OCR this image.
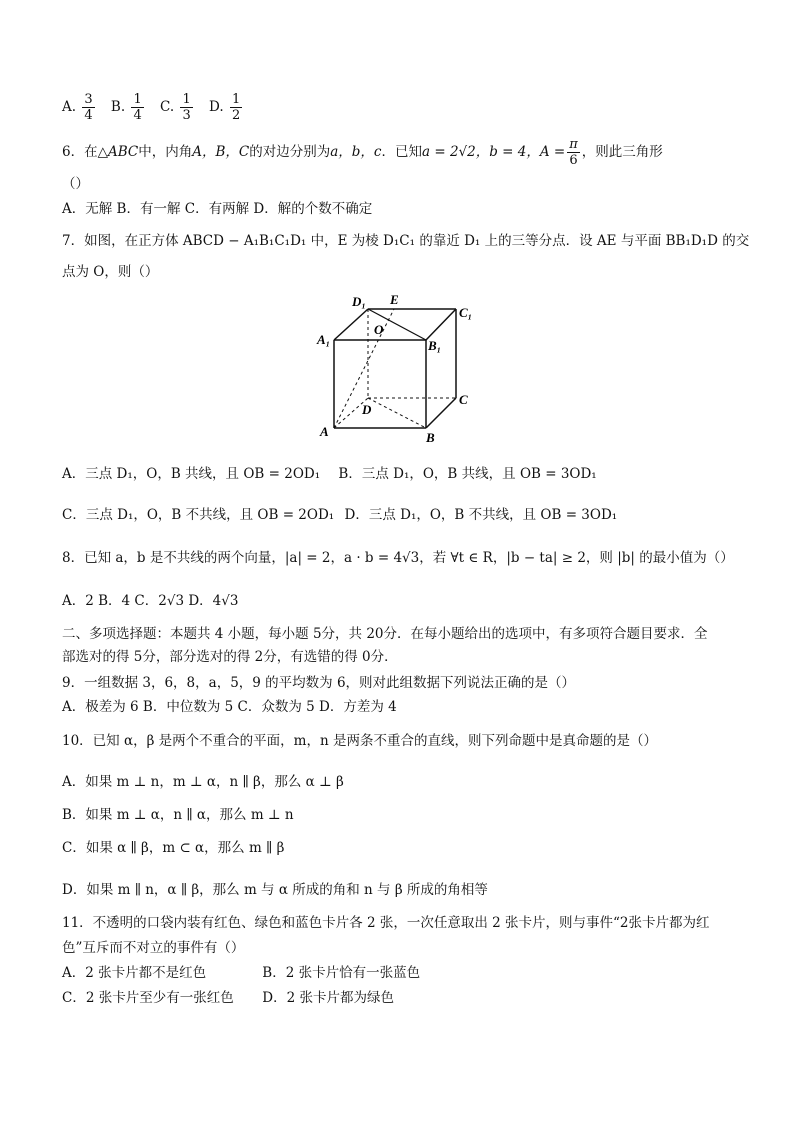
A. $\frac{3}{4} B$. $\frac{1}{4} C$. $\frac{1}{3} D$. $\frac{1}{2}$
6．在 △ABC 中，内角 A，B，C 的对边分别为 a，b，c ．已知 a = 2√2 ，b = 4， $A = \frac{\pi}{6}$ ，则此三角形
（）
A．无解 B．有一解 C．有两解 D．解的个数不确定
7．如图，在正方体 ABCD − A₁B₁C₁D₁ 中，E 为棱 D₁C₁ 的靠近 D₁ 上的三等分点．设 AE 与平面 BB₁D₁D 的交
点为 O，则（）
D₁ E
C₁
O
A₁	B₁
D
C
A	B
A．三点 D₁，O，B 共线，且 OB = 2OD₁ B．三点 D₁，O，B 共线，且 OB = 3OD₁
C．三点 D₁，O，B 不共线，且 OB = 2OD₁ D．三点 D₁，O，B 不共线，且 OB = 3OD₁
8．已知 a，b 是不共线的两个向量，|a| = 2，a · b = 4√3，若 ∀t ∈ R，|b − ta| ≥ 2，则 |b| 的最小值为（）
A．2 B．4 C．2√3 D．4√3
二、多项选择题：本题共 4 小题，每小题 5分，共 20分．在每小题给出的选项中，有多项符合题目要求．全
部选对的得 5分，部分选对的得 2分，有选错的得 0分．
9．一组数据 3，6，8，a，5，9 的平均数为 6，则对此组数据下列说法正确的是（）
A．极差为 6 B．中位数为 5 C．众数为 5 D．方差为 4
10．已知 α，β 是两个不重合的平面，m，n 是两条不重合的直线，则下列命题中是真命题的是（）
A．如果 m ⊥ n，m ⊥ α，n ∥ β，那么 α ⊥ β
B．如果 m ⊥ α，n ∥ α，那么 m ⊥ n
C．如果 α ∥ β，m ⊂ α，那么 m ∥ β
D．如果 m ∥ n，α ∥ β，那么 m 与 α 所成的角和 n 与 β 所成的角相等
11．不透明的口袋内装有红色、绿色和蓝色卡片各 2 张，一次任意取出 2 张卡片，则与事件“2张卡片都为红
色”互斥而不对立的事件有（）
A．2 张卡片都不是红色	B．2 张卡片恰有一张蓝色
C．2 张卡片至少有一张红色 D．2 张卡片都为绿色
